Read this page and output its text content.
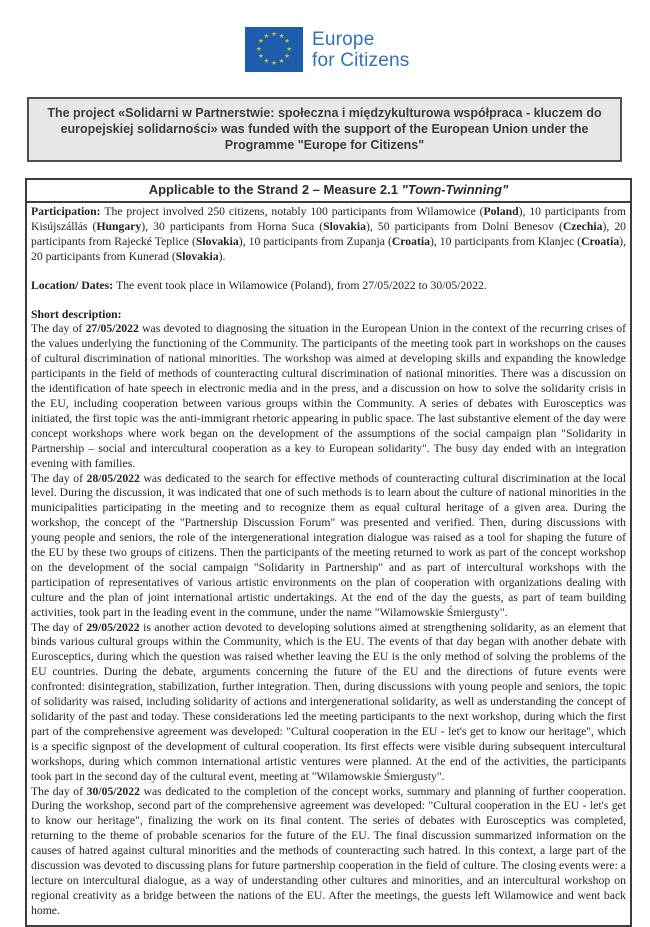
★ ★
★
★
★
★
★
★
★
★
★
★ Europe
for Citizens
The project «Solidarni w Partnerstwie: społeczna i międzykulturowa współpraca - kluczem do
europejskiej solidarności» was funded with the support of the European Union under the
Programme "Europe for Citizens"
Applicable to the Strand 2 – Measure 2.1 "Town-Twinning"

Participation: The project involved 250 citizens, notably 100 participants from Wilamowice (Poland), 10 participants from Kisújszállás (Hungary), 30 participants from Horna Suca (Slovakia), 50 participants from Dolní Benesov (Czechia), 20 participants from Rajecké Teplice (Slovakia), 10 participants from Zupanja (Croatia), 10 participants from Klanjec (Croatia), 20 participants from Kunerad (Slovakia).

Location/ Dates: The event took place in Wilamowice (Poland), from 27/05/2022 to 30/05/2022.

Short description:

The day of 27/05/2022 was devoted to diagnosing the situation in the European Union in the context of the recurring crises of the values underlying the functioning of the Community. The participants of the meeting took part in workshops on the causes of cultural discrimination of national minorities. The workshop was aimed at developing skills and expanding the knowledge participants in the field of methods of counteracting cultural discrimination of national minorities. There was a discussion on the identification of hate speech in electronic media and in the press, and a discussion on how to solve the solidarity crisis in the EU, including cooperation between various groups within the Community. A series of debates with Eurosceptics was initiated, the first topic was the anti-immigrant rhetoric appearing in public space. The last substantive element of the day were concept workshops where work began on the development of the assumptions of the social campaign plan "Solidarity in Partnership – social and intercultural cooperation as a key to European solidarity". The busy day ended with an integration evening with families.

The day of 28/05/2022 was dedicated to the search for effective methods of counteracting cultural discrimination at the local level. During the discussion, it was indicated that one of such methods is to learn about the culture of national minorities in the municipalities participating in the meeting and to recognize them as equal cultural heritage of a given area. During the workshop, the concept of the "Partnership Discussion Forum" was presented and verified. Then, during discussions with young people and seniors, the role of the intergenerational integration dialogue was raised as a tool for shaping the future of the EU by these two groups of citizens. Then the participants of the meeting returned to work as part of the concept workshop on the development of the social campaign "Solidarity in Partnership" and as part of intercultural workshops with the participation of representatives of various artistic environments on the plan of cooperation with organizations dealing with culture and the plan of joint international artistic undertakings. At the end of the day the guests, as part of team building activities, took part in the leading event in the commune, under the name "Wilamowskie Śmiergusty".

The day of 29/05/2022 is another action devoted to developing solutions aimed at strengthening solidarity, as an element that binds various cultural groups within the Community, which is the EU. The events of that day began with another debate with Eurosceptics, during which the question was raised whether leaving the EU is the only method of solving the problems of the EU countries. During the debate, arguments concerning the future of the EU and the directions of future events were confronted: disintegration, stabilization, further integration. Then, during discussions with young people and seniors, the topic of solidarity was raised, including solidarity of actions and intergenerational solidarity, as well as understanding the concept of solidarity of the past and today. These considerations led the meeting participants to the next workshop, during which the first part of the comprehensive agreement was developed: "Cultural cooperation in the EU - let's get to know our heritage", which is a specific signpost of the development of cultural cooperation. Its first effects were visible during subsequent intercultural workshops, during which common international artistic ventures were planned. At the end of the activities, the participants took part in the second day of the cultural event, meeting at "Wilamowskie Śmiergusty".

The day of 30/05/2022 was dedicated to the completion of the concept works, summary and planning of further cooperation. During the workshop, second part of the comprehensive agreement was developed: "Cultural cooperation in the EU - let's get to know our heritage", finalizing the work on its final content. The series of debates with Eurosceptics was completed, returning to the theme of probable scenarios for the future of the EU. The final discussion summarized information on the causes of hatred against cultural minorities and the methods of counteracting such hatred. In this context, a large part of the discussion was devoted to discussing plans for future partnership cooperation in the field of culture. The closing events were: a lecture on intercultural dialogue, as a way of understanding other cultures and minorities, and an intercultural workshop on regional creativity as a bridge between the nations of the EU. After the meetings, the guests left Wilamowice and went back home.
